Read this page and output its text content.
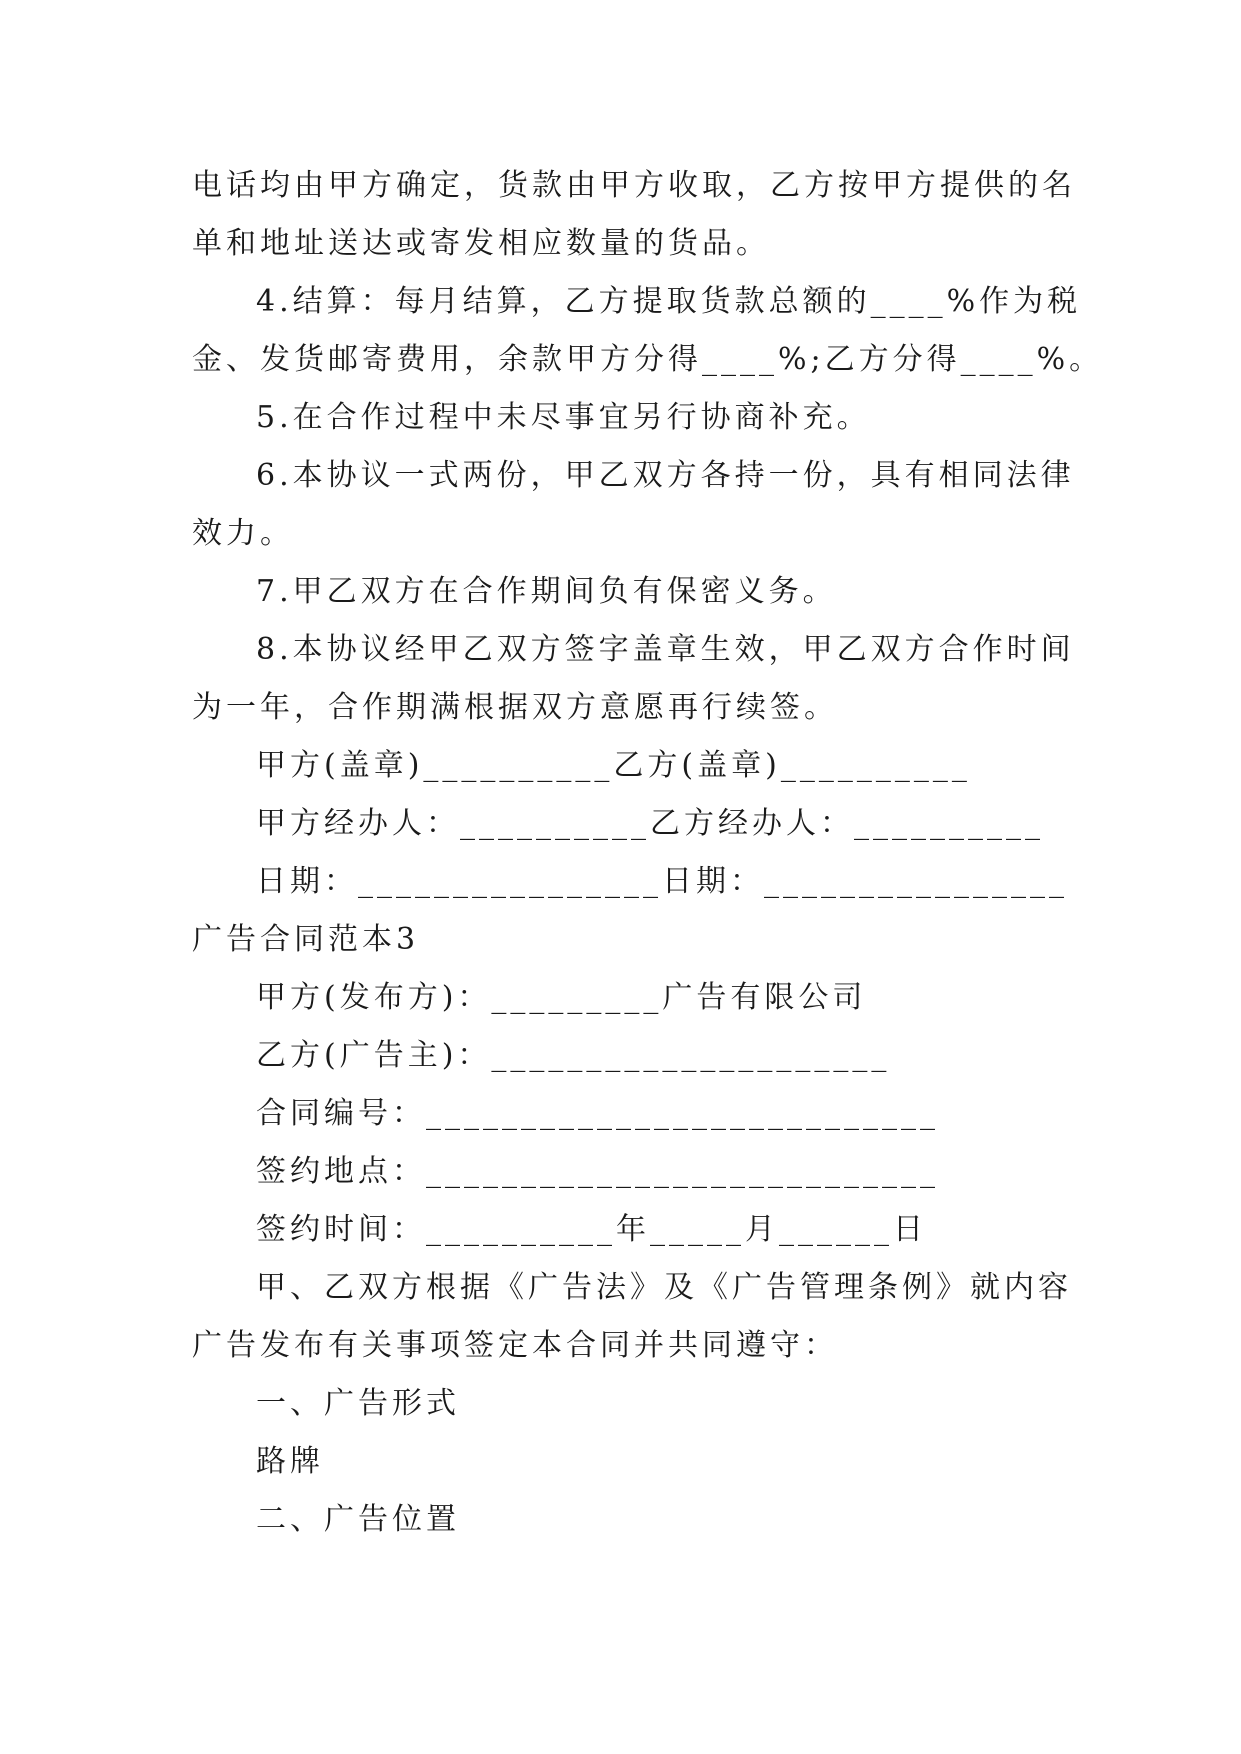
电话均由甲方确定，货款由甲方收取，乙方按甲方提供的名
单和地址送达或寄发相应数量的货品。
4.结算：每月结算，乙方提取货款总额的____%作为税
金、发货邮寄费用，余款甲方分得____%;乙方分得____%。
5.在合作过程中未尽事宜另行协商补充。
6.本协议一式两份，甲乙双方各持一份，具有相同法律
效力。
7.甲乙双方在合作期间负有保密义务。
8.本协议经甲乙双方签字盖章生效，甲乙双方合作时间
为一年，合作期满根据双方意愿再行续签。
甲方(盖章)__________乙方(盖章)__________
甲方经办人：__________乙方经办人：__________
日期：________________日期：________________
广告合同范本3
甲方(发布方)：_________广告有限公司
乙方(广告主)：_____________________
合同编号：___________________________
签约地点：___________________________
签约时间：__________年_____月______日
甲、乙双方根据《广告法》及《广告管理条例》就内容
广告发布有关事项签定本合同并共同遵守：
一、广告形式
路牌
二、广告位置
